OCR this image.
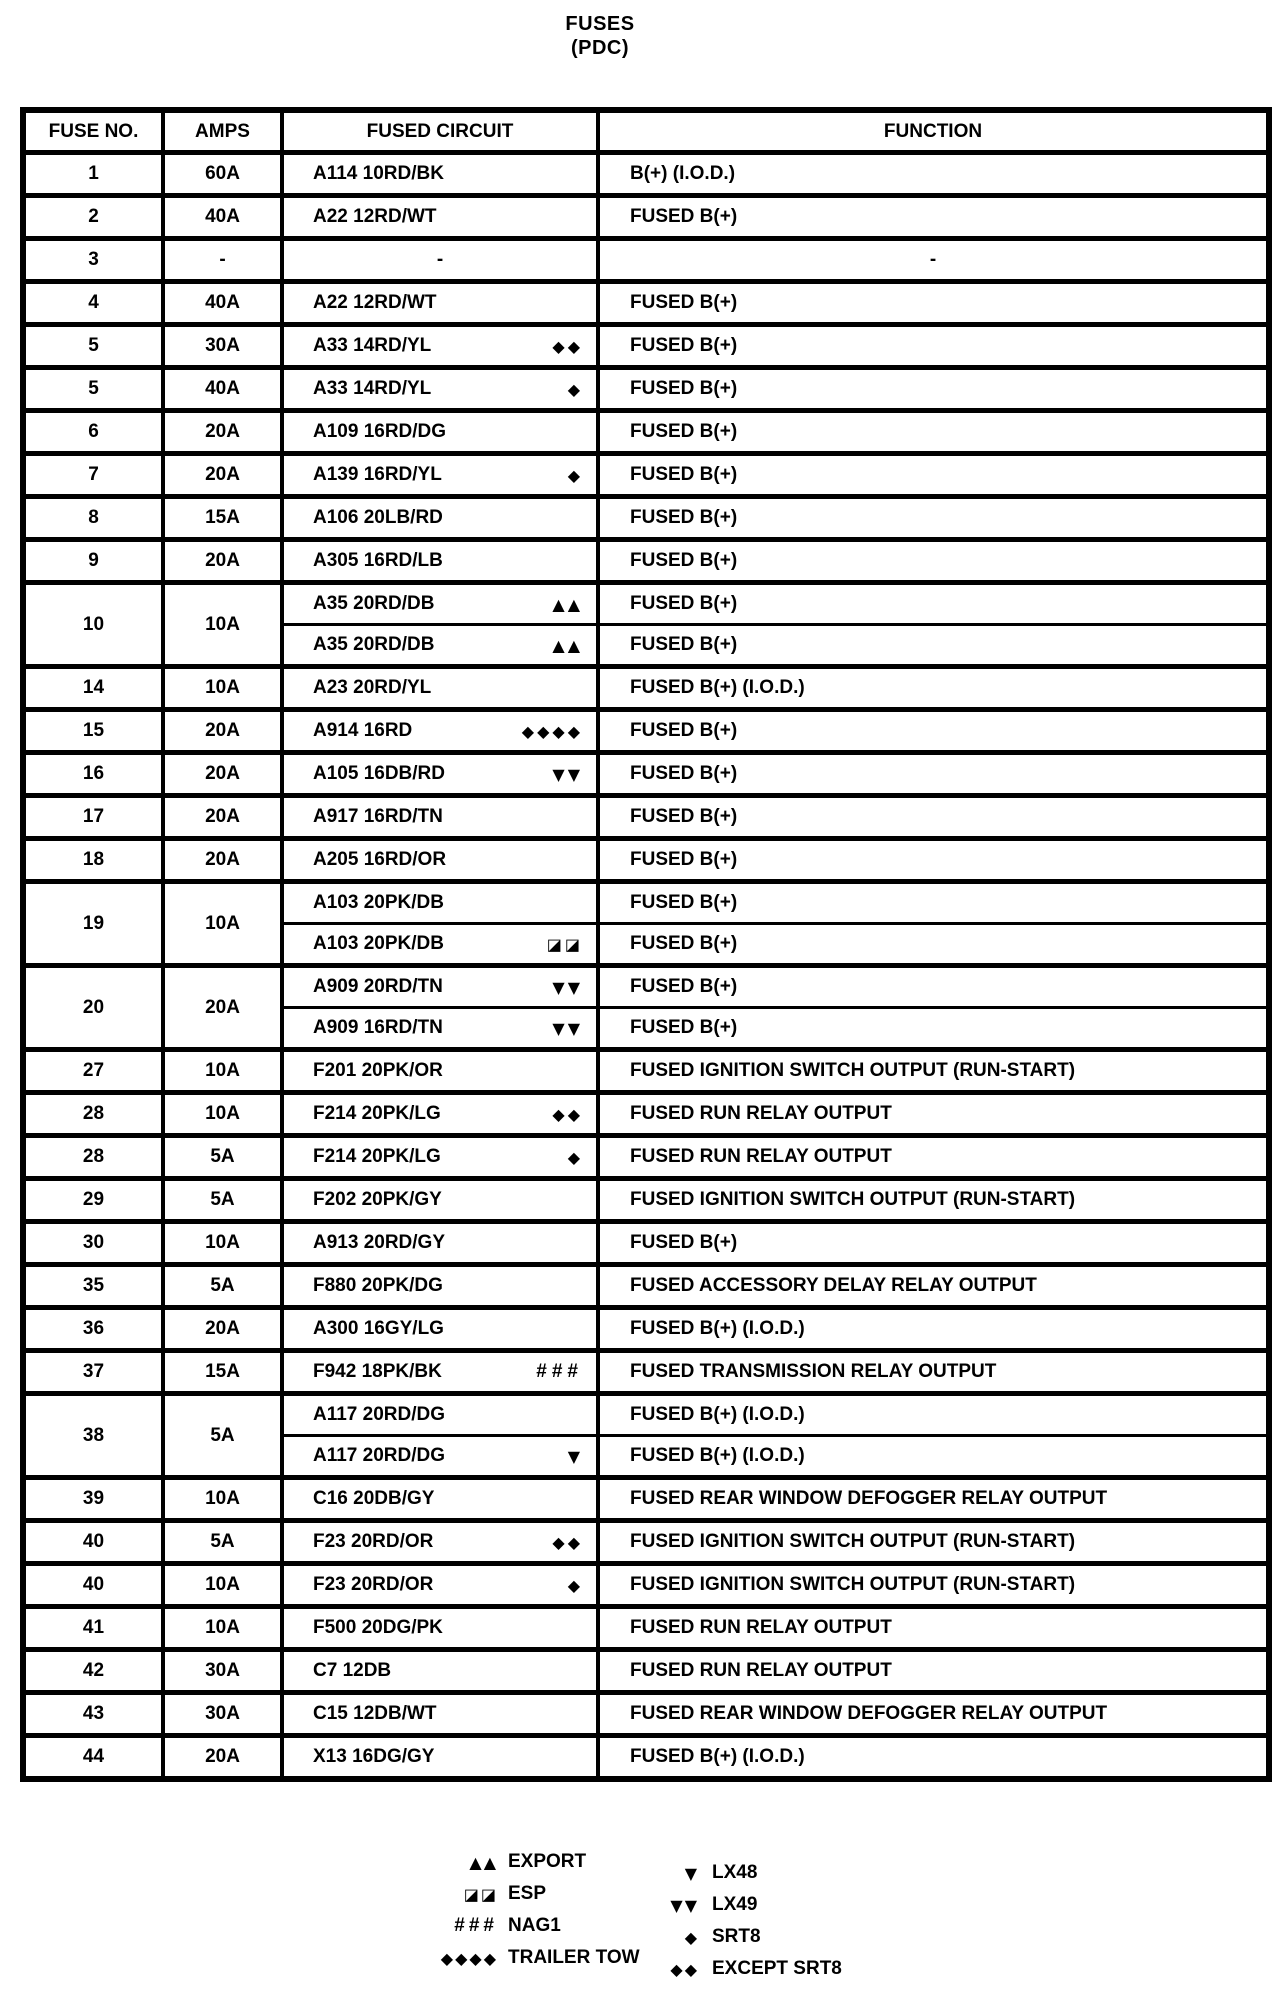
FUSES
(PDC)
FUSE NO.	AMPS	FUSED CIRCUIT	FUNCTION
1	60A	A114 10RD/BK	B(+) (I.O.D.)
2	40A	A22 12RD/WT	FUSED B(+)
3	-	-	-
4	40A	A22 12RD/WT	FUSED B(+)
5	30A	A33 14RD/YL ◆◆	FUSED B(+)
5	40A	A33 14RD/YL ◆	FUSED B(+)
6	20A	A109 16RD/DG	FUSED B(+)
7	20A	A139 16RD/YL ◆	FUSED B(+)
8	15A	A106 20LB/RD	FUSED B(+)
9	20A	A305 16RD/LB	FUSED B(+)
10	10A	A35 20RD/DB ▲▲	FUSED B(+)

		A35 20RD/DB ▲▲	FUSED B(+)
14	10A	A23 20RD/YL	FUSED B(+) (I.O.D.)
15	20A	A914 16RD ◆◆◆◆	FUSED B(+)
16	20A	A105 16DB/RD ▼▼	FUSED B(+)
17	20A	A917 16RD/TN	FUSED B(+)
18	20A	A205 16RD/OR	FUSED B(+)
19	10A	A103 20PK/DB	FUSED B(+)

		A103 20PK/DB ◪◪	FUSED B(+)
20	20A	A909 20RD/TN ▼▼	FUSED B(+)

		A909 16RD/TN ▼▼	FUSED B(+)
27	10A	F201 20PK/OR	FUSED IGNITION SWITCH OUTPUT (RUN-START)
28	10A	F214 20PK/LG ◆◆	FUSED RUN RELAY OUTPUT
28	5A	F214 20PK/LG ◆	FUSED RUN RELAY OUTPUT
29	5A	F202 20PK/GY	FUSED IGNITION SWITCH OUTPUT (RUN-START)
30	10A	A913 20RD/GY	FUSED B(+)
35	5A	F880 20PK/DG	FUSED ACCESSORY DELAY RELAY OUTPUT
36	20A	A300 16GY/LG	FUSED B(+) (I.O.D.)
37	15A	F942 18PK/BK ###	FUSED TRANSMISSION RELAY OUTPUT
38	5A	A117 20RD/DG	FUSED B(+) (I.O.D.)

		A117 20RD/DG ▼	FUSED B(+) (I.O.D.)
39	10A	C16 20DB/GY	FUSED REAR WINDOW DEFOGGER RELAY OUTPUT
40	5A	F23 20RD/OR ◆◆	FUSED IGNITION SWITCH OUTPUT (RUN-START)
40	10A	F23 20RD/OR ◆	FUSED IGNITION SWITCH OUTPUT (RUN-START)
41	10A	F500 20DG/PK	FUSED RUN RELAY OUTPUT
42	30A	C7 12DB	FUSED RUN RELAY OUTPUT
43	30A	C15 12DB/WT	FUSED REAR WINDOW DEFOGGER RELAY OUTPUT
44	20A	X13 16DG/GY	FUSED B(+) (I.O.D.)
▲▲ EXPORT
◪◪ ESP
### NAG1
◆◆◆◆ TRAILER TOW
▼ LX48
▼▼ LX49
◆ SRT8
◆◆ EXCEPT SRT8
